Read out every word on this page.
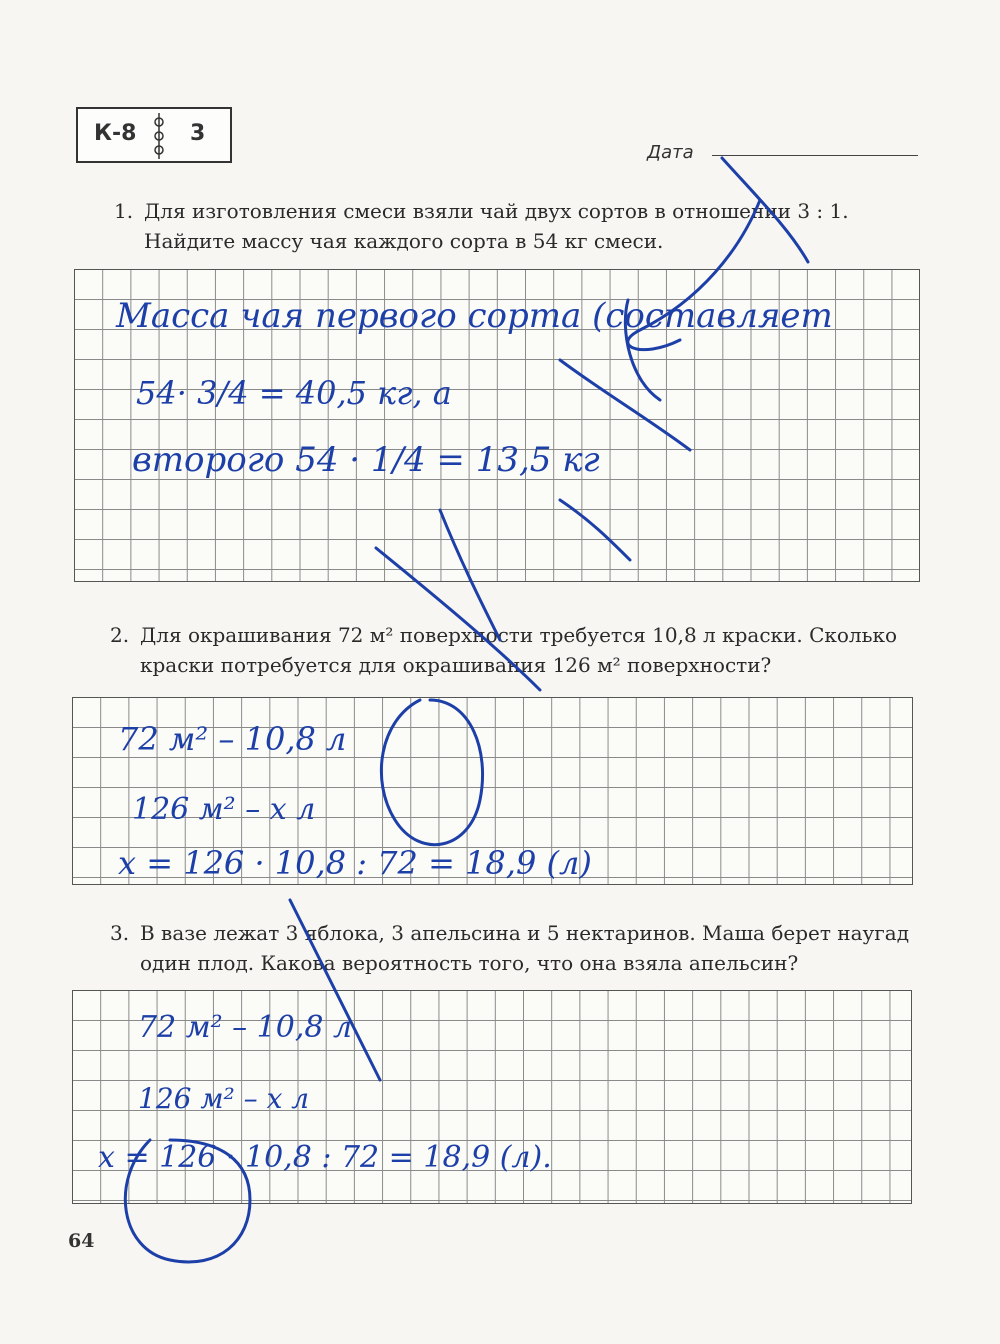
К-8 3
Дата
1. Для изготовления смеси взяли чай двух сортов в отношении 3 : 1. Найдите массу чая каждого сорта в 54 кг смеси.
Масса чая первого сорта (составляет
54· 3/4 = 40,5 кг, а
второго 54 · 1/4 = 13,5 кг
2. Для окрашивания 72 м² поверхности требуется 10,8 л краски. Сколько краски потребуется для окрашивания 126 м² поверхности?
72 м² – 10,8 л
126 м² – x л
x = 126 · 10,8 : 72 = 18,9 (л)
3. В вазе лежат 3 яблока, 3 апельсина и 5 нектаринов. Маша берет наугад один плод. Какова вероятность того, что она взяла апельсин?
72 м² – 10,8 л
126 м² – x л
x = 126 · 10,8 : 72 = 18,9 (л).
64
